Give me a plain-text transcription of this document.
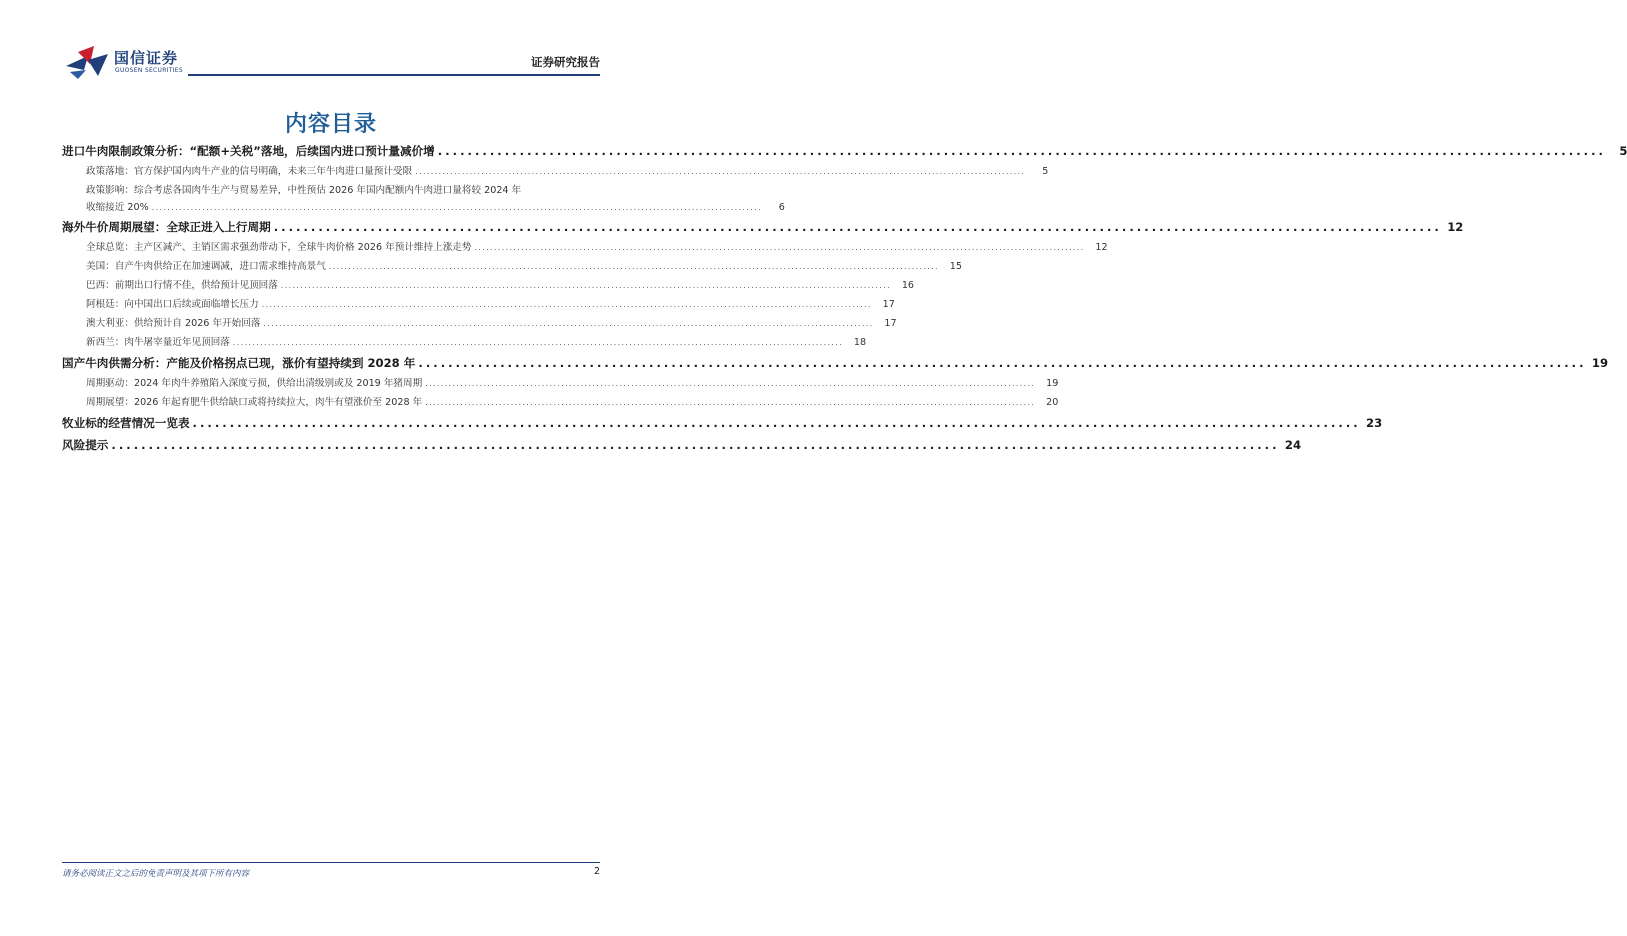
国信证券
GUOSEN SECURITIES
证券研究报告
内容目录
进口牛肉限制政策分析：“配额+关税”落地，后续国内进口预计量减价增 . . .	5
政策落地：官方保护国内肉牛产业的信号明确，未来三年牛肉进口量预计受限 . . .	5
政策影响：综合考虑各国肉牛生产与贸易差异，中性预估 2026 年国内配额内牛肉进口量将较 2024 年
收缩接近 20% . . .	6
海外牛价周期展望：全球正进入上行周期 . . .	12
全球总览：主产区减产、主销区需求强劲带动下，全球牛肉价格 2026 年预计维持上涨走势 . . .	12
美国：自产牛肉供给正在加速调减，进口需求维持高景气 . . .	15
巴西：前期出口行情不佳，供给预计见顶回落 . . .	16
阿根廷：向中国出口后续或面临增长压力 . . .	17
澳大利亚：供给预计自 2026 年开始回落 . . .	17
新西兰：肉牛屠宰量近年见顶回落 . . .	18
国产牛肉供需分析：产能及价格拐点已现，涨价有望持续到 2028 年 . . .	19
周期驱动：2024 年肉牛养殖陷入深度亏损，供给出清级别或及 2019 年猪周期 . . .	19
周期展望：2026 年起育肥牛供给缺口或将持续拉大，肉牛有望涨价至 2028 年 . . .	20
牧业标的经营情况一览表 . . .	23
风险提示 . . .	24
请务必阅读正文之后的免责声明及其项下所有内容	2
